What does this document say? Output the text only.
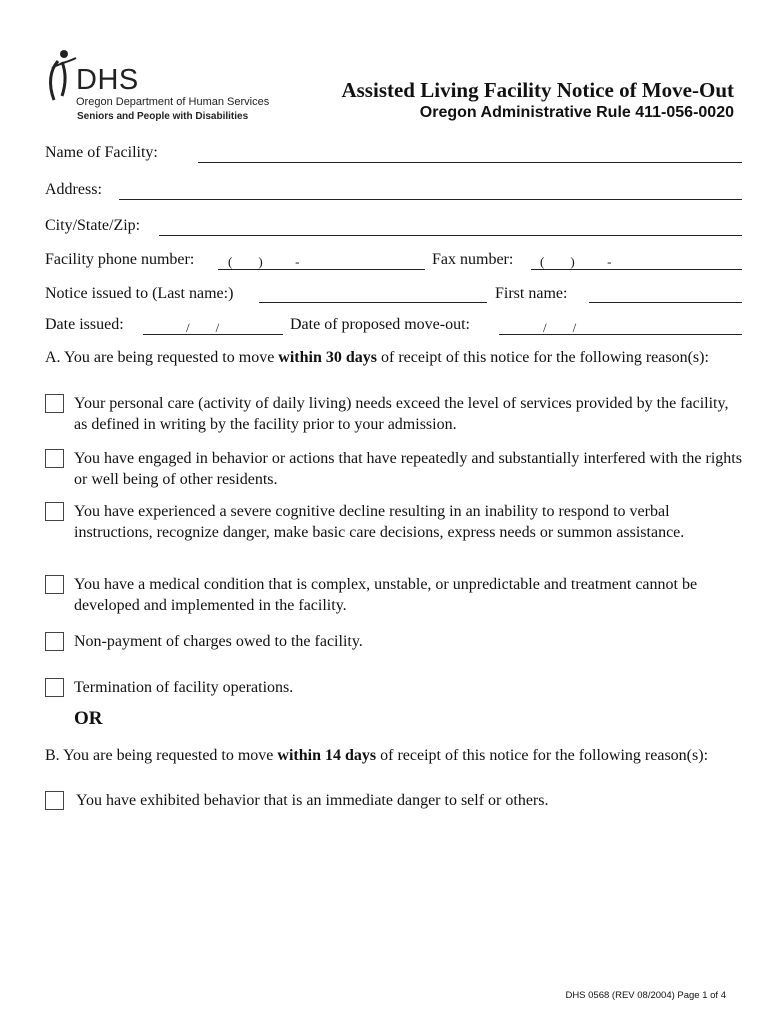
DHS
Oregon Department of Human Services
Seniors and People with Disabilities
Assisted Living Facility Notice of Move-Out
Oregon Administrative Rule 411-056-0020
Name of Facility:
Address:
City/State/Zip:
Facility phone number:	(        )          -	Fax number: (        )          -
Notice issued to (Last name:)	First name:
Date issued:	/        /	Date of proposed move-out:	/        /
A. You are being requested to move within 30 days of receipt of this notice for the following reason(s):
Your personal care (activity of daily living) needs exceed the level of services provided by the facility, as defined in writing by the facility prior to your admission.
You have engaged in behavior or actions that have repeatedly and substantially interfered with the rights or well being of other residents.
You have experienced a severe cognitive decline resulting in an inability to respond to verbal instructions, recognize danger, make basic care decisions, express needs or summon assistance.
You have a medical condition that is complex, unstable, or unpredictable and treatment cannot be developed and implemented in the facility.
Non-payment of charges owed to the facility.
Termination of facility operations.
OR
B. You are being requested to move within 14 days of receipt of this notice for the following reason(s):
You have exhibited behavior that is an immediate danger to self or others.
DHS 0568 (REV 08/2004) Page 1 of 4
